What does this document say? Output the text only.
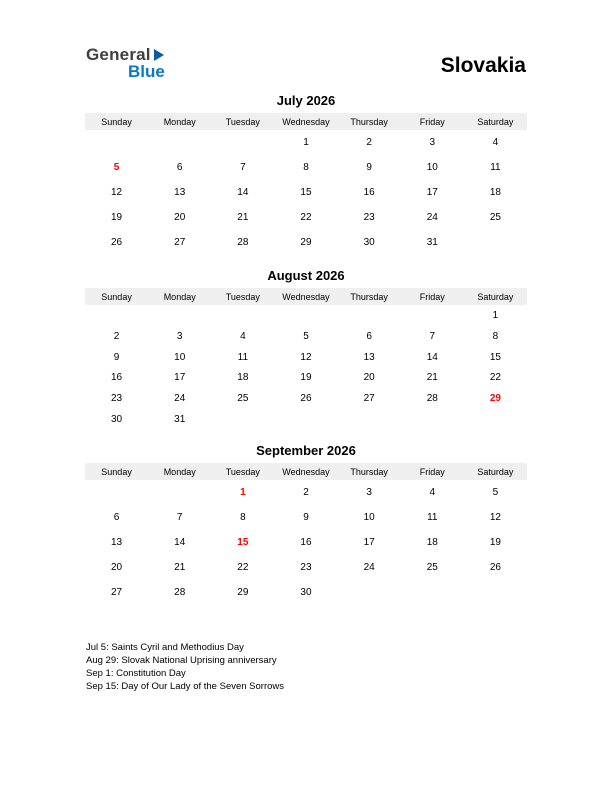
General
Blue	Slovakia
July 2026
Sunday	Monday	Tuesday	Wednesday	Thursday	Friday	Saturday
			1	2	3	4
5	6	7	8	9	10	11
12	13	14	15	16	17	18
19	20	21	22	23	24	25
26	27	28	29	30	31	
August 2026
Sunday	Monday	Tuesday	Wednesday	Thursday	Friday	Saturday
						1
2	3	4	5	6	7	8
9	10	11	12	13	14	15
16	17	18	19	20	21	22
23	24	25	26	27	28	29
30	31					
September 2026
Sunday	Monday	Tuesday	Wednesday	Thursday	Friday	Saturday
		1	2	3	4	5
6	7	8	9	10	11	12
13	14	15	16	17	18	19
20	21	22	23	24	25	26
27	28	29	30			
Jul 5: Saints Cyril and Methodius Day
Aug 29: Slovak National Uprising anniversary
Sep 1: Constitution Day
Sep 15: Day of Our Lady of the Seven Sorrows
